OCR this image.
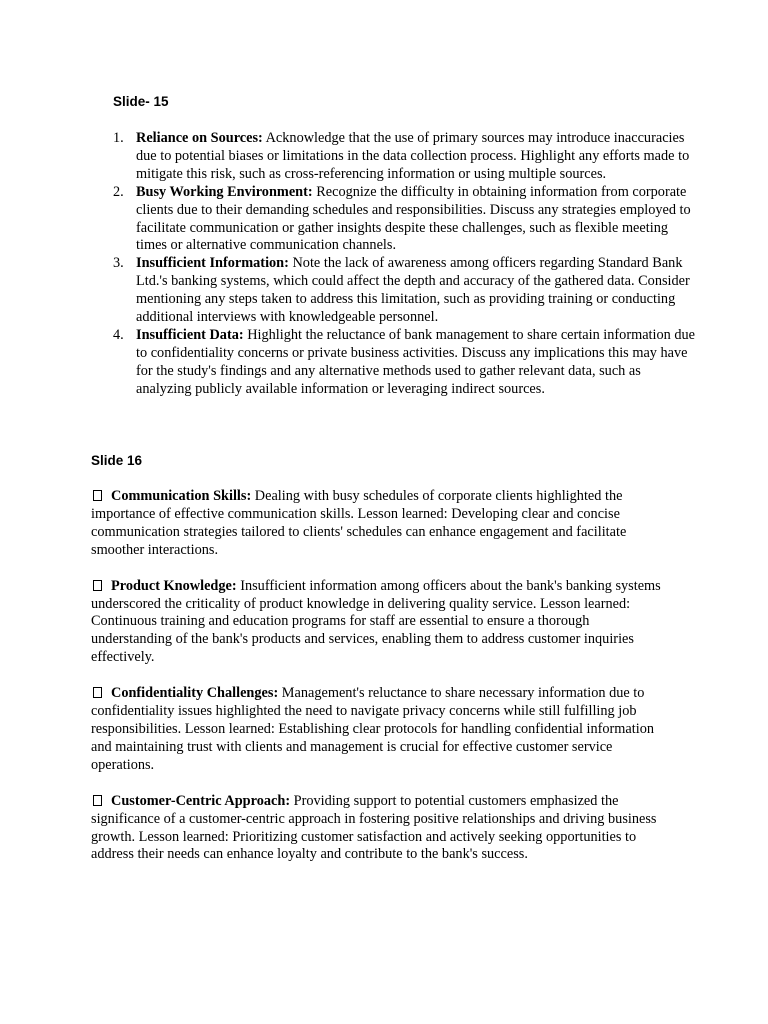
Slide- 15
1. Reliance on Sources: Acknowledge that the use of primary sources may introduce inaccuracies due to potential biases or limitations in the data collection process. Highlight any efforts made to mitigate this risk, such as cross-referencing information or using multiple sources.
2. Busy Working Environment: Recognize the difficulty in obtaining information from corporate clients due to their demanding schedules and responsibilities. Discuss any strategies employed to facilitate communication or gather insights despite these challenges, such as flexible meeting times or alternative communication channels.
3. Insufficient Information: Note the lack of awareness among officers regarding Standard Bank Ltd.'s banking systems, which could affect the depth and accuracy of the gathered data. Consider mentioning any steps taken to address this limitation, such as providing training or conducting additional interviews with knowledgeable personnel.
4. Insufficient Data: Highlight the reluctance of bank management to share certain information due to confidentiality concerns or private business activities. Discuss any implications this may have for the study's findings and any alternative methods used to gather relevant data, such as analyzing publicly available information or leveraging indirect sources.
Slide 16

Communication Skills: Dealing with busy schedules of corporate clients highlighted the importance of effective communication skills. Lesson learned: Developing clear and concise communication strategies tailored to clients' schedules can enhance engagement and facilitate smoother interactions.

Product Knowledge: Insufficient information among officers about the bank's banking systems underscored the criticality of product knowledge in delivering quality service. Lesson learned: Continuous training and education programs for staff are essential to ensure a thorough understanding of the bank's products and services, enabling them to address customer inquiries effectively.

Confidentiality Challenges: Management's reluctance to share necessary information due to confidentiality issues highlighted the need to navigate privacy concerns while still fulfilling job responsibilities. Lesson learned: Establishing clear protocols for handling confidential information and maintaining trust with clients and management is crucial for effective customer service operations.

Customer-Centric Approach: Providing support to potential customers emphasized the significance of a customer-centric approach in fostering positive relationships and driving business growth. Lesson learned: Prioritizing customer satisfaction and actively seeking opportunities to address their needs can enhance loyalty and contribute to the bank's success.
